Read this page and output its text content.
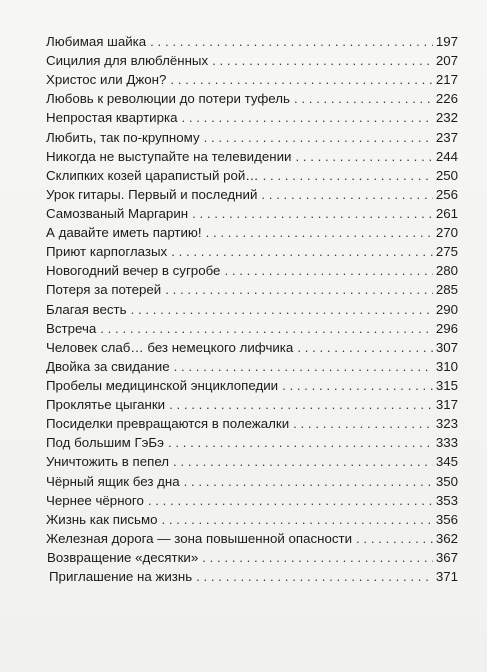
Любимая шайка . . .	197
Сицилия для влюблённых . . .	207
Христос или Джон? . . .	217
Любовь к революции до потери туфель . . .	226
Непростая квартирка . . .	232
Любить, так по-крупному . . .	237
Никогда не выступайте на телевидении . . .	244
Склипких козей царапистый рой… . . .	250
Урок гитары. Первый и последний . . .	256
Самозваный Маргарин . . .	261
А давайте иметь партию! . . .	270
Приют карпоглазых . . .	275
Новогодний вечер в сугробе . . .	280
Потеря за потерей . . .	285
Благая весть . . .	290
Встреча . . .	296
Человек слаб… без немецкого лифчика . . .	307
Двойка за свидание . . .	310
Пробелы медицинской энциклопедии . . .	315
Проклятье цыганки . . .	317
Посиделки превращаются в полежалки . . .	323
Под большим ГэБэ . . .	333
Уничтожить в пепел . . .	345
Чёрный ящик без дна . . .	350
Чернее чёрного . . .	353
Жизнь как письмо . . .	356
Железная дорога — зона повышенной опасности . . .	362
Возвращение «десятки» . . .	367
Приглашение на жизнь . . .	371
